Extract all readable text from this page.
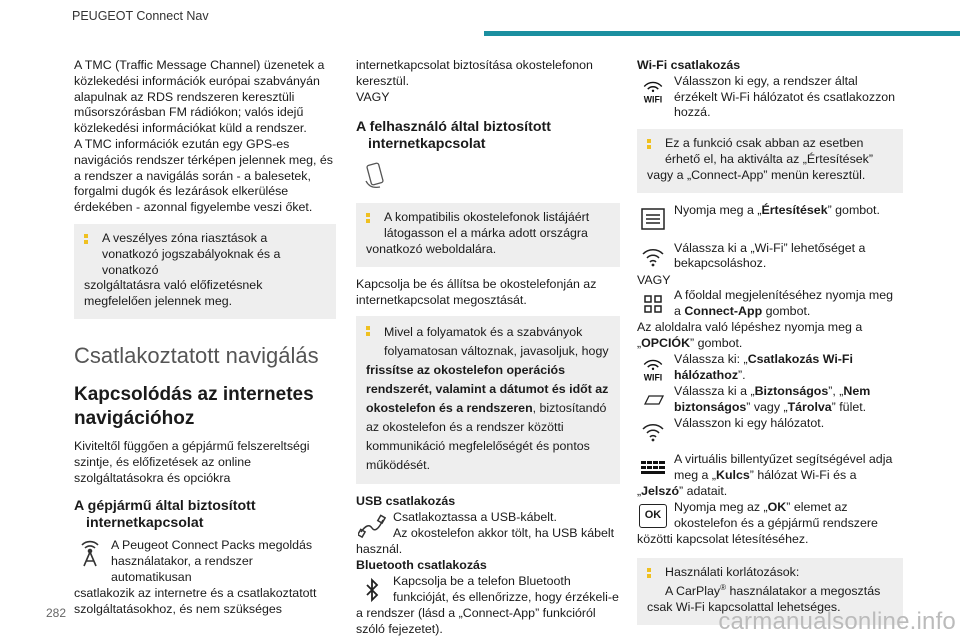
PEUGEOT Connect Nav

A TMC (Traffic Message Channel) üzenetek a közlekedési információk európai szabványán alapulnak az RDS rendszeren keresztüli műsorszórásban FM rádiókon; valós idejű közlekedési információkat küld a rendszer.

A TMC információk ezután egy GPS-es navigációs rendszer térképen jelennek meg, és a rendszer a navigálás során - a balesetek, forgalmi dugók és lezárások elkerülése érdekében - azonnal figyelembe veszi őket.

A veszélyes zóna riasztások a vonatkozó jogszabályoknak és a vonatkozó
szolgáltatásra való előfizetésnek megfelelően jelennek meg.
Csatlakoztatott navigálás
Kapcsolódás az internetes navigációhoz

Kiviteltől függően a gépjármű felszereltségi szintje, és előfizetések az online szolgáltatásokra és opciókra

A gépjármű által biztosított internetkapcsolat
A Peugeot Connect Packs megoldás használatakor, a rendszer automatikusan

csatlakozik az internetre és a csatlakoztatott szolgáltatásokhoz, és nem szükséges

internetkapcsolat biztosítása okostelefonon keresztül.

VAGY

A felhasználó által biztosított internetkapcsolat
A kompatibilis okostelefonok listájáért látogasson el a márka adott országra
vonatkozó weboldalára.

Kapcsolja be és állítsa be okostelefonján az internetkapcsolat megosztását.

Mivel a folyamatok és a szabványok folyamatosan változnak, javasoljuk, hogy
frissítse az okostelefon operációs rendszerét, valamint a dátumot és időt az okostelefon és a rendszeren, biztosítandó az okostelefon és a rendszer közötti kommunikáció megfelelőségét és pontos működését.

USB csatlakozás

Csatlakoztassa a USB-kábelt.
Az okostelefon akkor tölt, ha USB kábelt

használ.

Bluetooth csatlakozás

Kapcsolja be a telefon Bluetooth funkcióját, és ellenőrizze, hogy érzékeli-e

a rendszer (lásd a „Connect-App” funkcióról szóló fejezetet).

Wi-Fi csatlakozás

WIFI
Válasszon ki egy, a rendszer által érzékelt Wi-Fi hálózatot és csatlakozzon hozzá.
Ez a funkció csak abban az esetben érhető el, ha aktiválta az „Értesítések”
vagy a „Connect-App” menün keresztül.
Nyomja meg a „Értesítések” gombot.
Válassza ki a „Wi-Fi” lehetőséget a bekapcsoláshoz.

VAGY

A főoldal megjelenítéséhez nyomja meg a Connect-App gombot.

Az aloldalra való lépéshez nyomja meg a „OPCIÓK” gombot.

WIFI
Válassza ki: „Csatlakozás Wi-Fi hálózathoz”.
Válassza ki a „Biztonságos”, „Nem biztonságos” vagy „Tárolva” fület.
Válasszon ki egy hálózatot.
A virtuális billentyűzet segítségével adja meg a „Kulcs” hálózat Wi-Fi és a

„Jelszó” adatait.

OK
Nyomja meg az „OK” elemet az okostelefon és a gépjármű rendszere

közötti kapcsolat létesítéséhez.

Használati korlátozások:
A CarPlay® használatakor a megosztás
csak Wi-Fi kapcsolattal lehetséges.
282	carmanualsonline.info
